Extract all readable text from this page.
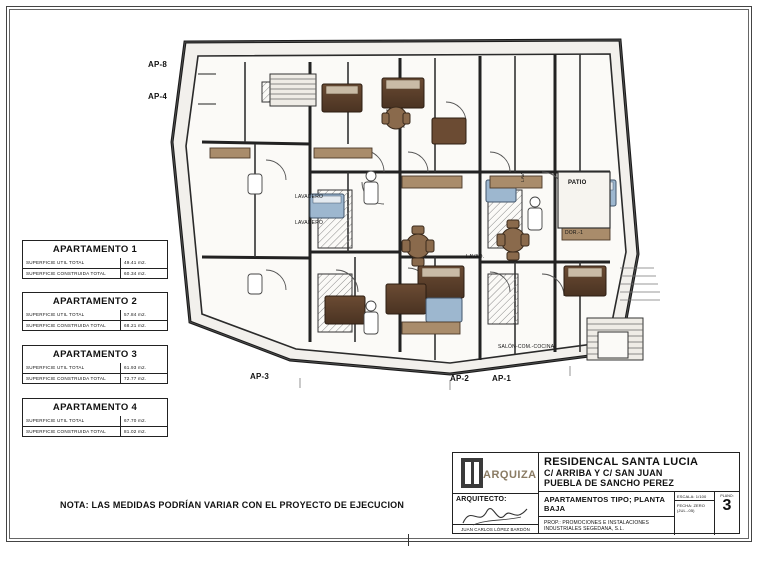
AP-8
AP-4
AP-3	AP-2	AP-1
PATIO
LAVADERO
LAVADERO
LAVAD.
LAV.
DOR.-1
SALÓN-COM.-COCINA
APARTAMENTO 1
SUPERFICIE UTIL TOTAL	49.41 m2.
SUPERFICIE CONSTRUIDA TOTAL	60.34 m2.
APARTAMENTO 2
SUPERFICIE UTIL TOTAL	57.84 m2.
SUPERFICIE CONSTRUIDA TOTAL	68.21 m2.
APARTAMENTO 3
SUPERFICIE UTIL TOTAL	61.93 m2.
SUPERFICIE CONSTRUIDA TOTAL	72.77 m2.
APARTAMENTO 4
SUPERFICIE UTIL TOTAL	67.70 m2.
SUPERFICIE CONSTRUIDA TOTAL	81.02 m2.
NOTA: LAS MEDIDAS PODRÍAN VARIAR CON EL PROYECTO DE EJECUCION
ARQUIZA
ARQUITECTO:
JUAN CARLOS LÓPEZ BARDÓN
RESIDENCAL SANTA LUCIA
C/ ARRIBA Y C/ SAN JUAN
PUEBLA DE SANCHO PEREZ
APARTAMENTOS TIPO; PLANTA BAJA
PROP.: PROMOCIONES E INSTALACIONES INDUSTRIALES SEGEDANA, S.L.
ESCALA: 1/100
FECHA: ZERO (JUL.-05)
PLANO:
3
